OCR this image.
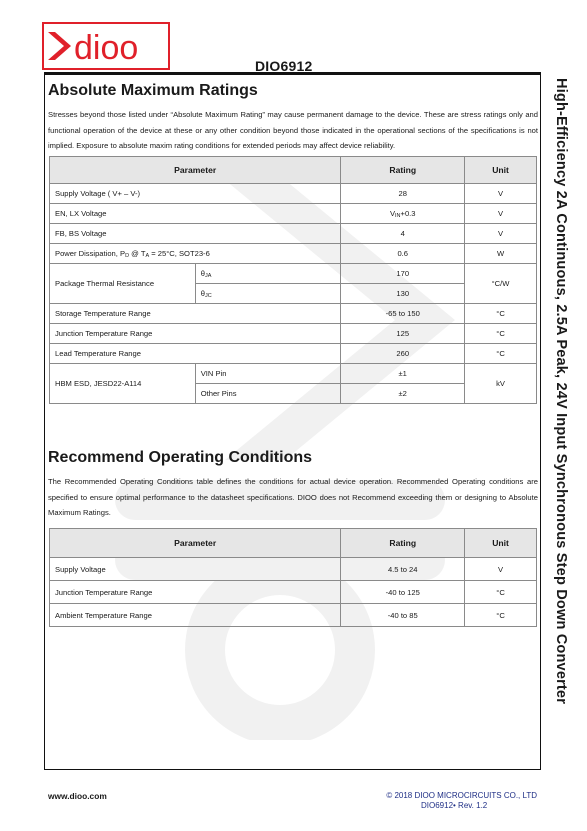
dioo	DIO6912
High-Efficiency 2A Continuous, 2.5A Peak, 24V Input Synchronous Step Down Converter
Absolute Maximum Ratings
Stresses beyond those listed under “Absolute Maximum Rating” may cause permanent damage to the device. These are stress ratings only and functional operation of the device at these or any other condition beyond those indicated in the operational sections of the specifications is not implied. Exposure to absolute maxim rating conditions for extended periods may affect device reliability.
Parameter		Rating	Unit
Supply Voltage ( V+ – V-)		28	V
EN, LX Voltage		$V_{IN}+0.3$	V
FB, BS Voltage		4	V
Power Dissipation, $P_D$ @ $T_A = 25^\circ C$, SOT23-6		0.6	W
Package Thermal Resistance	$\theta_{JA}$	170	°C/W
	$\theta_{JC}$	130	
Storage Temperature Range		-65 to 150	°C
Junction Temperature Range		125	°C
Lead Temperature Range		260	°C
HBM ESD, JESD22-A114	VIN Pin	±1	kV
	Other Pins	±2	
Recommend Operating Conditions
The Recommended Operating Conditions table defines the conditions for actual device operation. Recommended Operating conditions are specified to ensure optimal performance to the datasheet specifications. DIOO does not Recommend exceeding them or designing to Absolute Maximum Ratings.
Parameter	Rating	Unit
Supply Voltage	4.5 to 24	V
Junction Temperature Range	-40 to 125	°C
Ambient Temperature Range	-40 to 85	°C
www.dioo.com	© 2018 DIOO MICROCIRCUITS CO., LTD
DIO6912• Rev. 1.2
